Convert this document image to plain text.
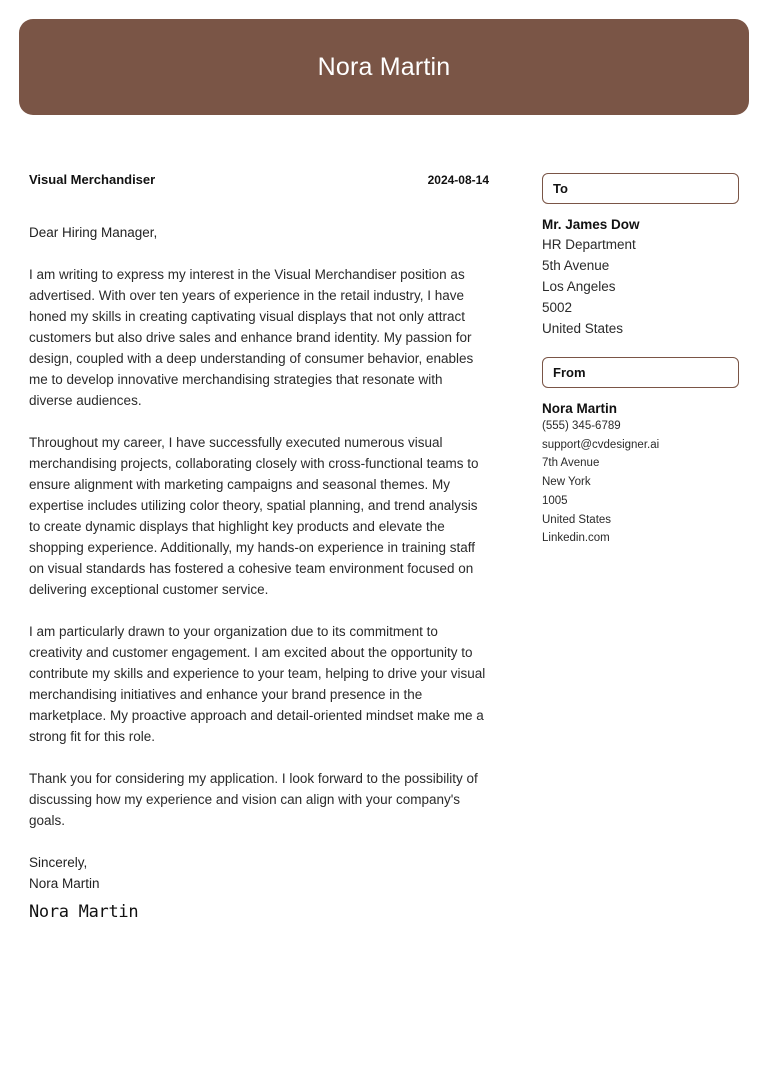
Nora Martin
Visual Merchandiser	2024-08-14
Dear Hiring Manager,
I am writing to express my interest in the Visual Merchandiser position as advertised. With over ten years of experience in the retail industry, I have honed my skills in creating captivating visual displays that not only attract customers but also drive sales and enhance brand identity. My passion for design, coupled with a deep understanding of consumer behavior, enables me to develop innovative merchandising strategies that resonate with diverse audiences.
Throughout my career, I have successfully executed numerous visual merchandising projects, collaborating closely with cross-functional teams to ensure alignment with marketing campaigns and seasonal themes. My expertise includes utilizing color theory, spatial planning, and trend analysis to create dynamic displays that highlight key products and elevate the shopping experience. Additionally, my hands-on experience in training staff on visual standards has fostered a cohesive team environment focused on delivering exceptional customer service.
I am particularly drawn to your organization due to its commitment to creativity and customer engagement. I am excited about the opportunity to contribute my skills and experience to your team, helping to drive your visual merchandising initiatives and enhance your brand presence in the marketplace. My proactive approach and detail-oriented mindset make me a strong fit for this role.
Thank you for considering my application. I look forward to the possibility of discussing how my experience and vision can align with your company's goals.
Sincerely,
Nora Martin
Nora Martin
To
Mr. James Dow
HR Department
5th Avenue
Los Angeles
5002
United States
From
Nora Martin
(555) 345-6789
support@cvdesigner.ai
7th Avenue
New York
1005
United States
Linkedin.com
